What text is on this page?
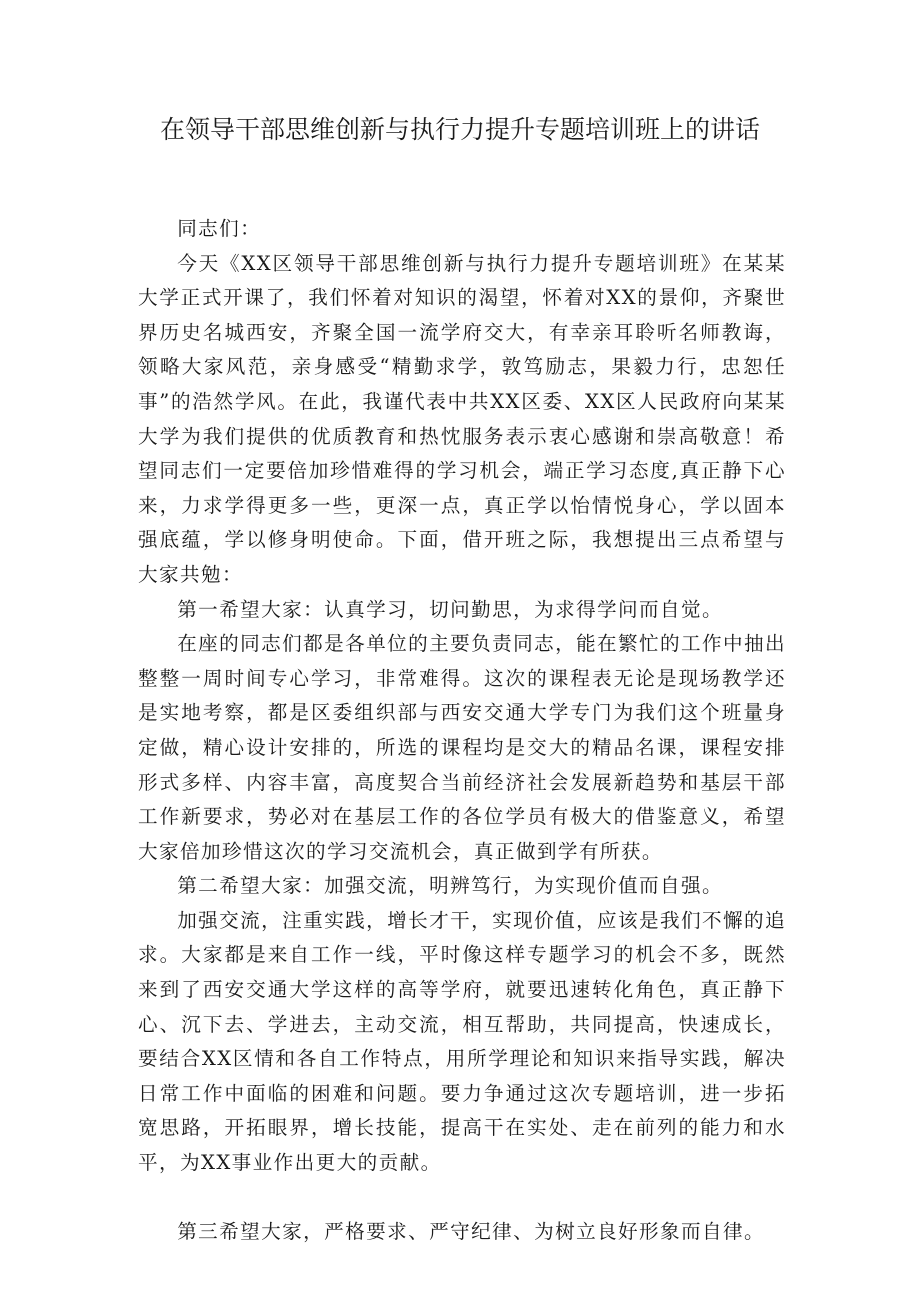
在领导干部思维创新与执行力提升专题培训班上的讲话

同志们：

今天《XX区领导干部思维创新与执行力提升专题培训班》在某某大学正式开课了，我们怀着对知识的渴望，怀着对XX的景仰，齐聚世界历史名城西安，齐聚全国一流学府交大，有幸亲耳聆听名师教诲，领略大家风范，亲身感受“精勤求学，敦笃励志，果毅力行，忠恕任事”的浩然学风。在此，我谨代表中共XX区委、XX区人民政府向某某大学为我们提供的优质教育和热忱服务表示衷心感谢和崇高敬意！希望同志们一定要倍加珍惜难得的学习机会，端正学习态度,真正静下心来，力求学得更多一些，更深一点，真正学以怡情悦身心，学以固本强底蕴，学以修身明使命。下面，借开班之际，我想提出三点希望与大家共勉：

第一希望大家：认真学习，切问勤思，为求得学问而自觉。

在座的同志们都是各单位的主要负责同志，能在繁忙的工作中抽出整整一周时间专心学习，非常难得。这次的课程表无论是现场教学还是实地考察，都是区委组织部与西安交通大学专门为我们这个班量身定做，精心设计安排的，所选的课程均是交大的精品名课，课程安排形式多样、内容丰富，高度契合当前经济社会发展新趋势和基层干部工作新要求，势必对在基层工作的各位学员有极大的借鉴意义，希望大家倍加珍惜这次的学习交流机会，真正做到学有所获。

第二希望大家：加强交流，明辨笃行，为实现价值而自强。

加强交流，注重实践，增长才干，实现价值，应该是我们不懈的追求。大家都是来自工作一线，平时像这样专题学习的机会不多，既然来到了西安交通大学这样的高等学府，就要迅速转化角色，真正静下心、沉下去、学进去，主动交流，相互帮助，共同提高，快速成长，要结合XX区情和各自工作特点，用所学理论和知识来指导实践，解决日常工作中面临的困难和问题。要力争通过这次专题培训，进一步拓宽思路，开拓眼界，增长技能，提高干在实处、走在前列的能力和水平，为XX事业作出更大的贡献。

第三希望大家，严格要求、严守纪律、为树立良好形象而自律。
